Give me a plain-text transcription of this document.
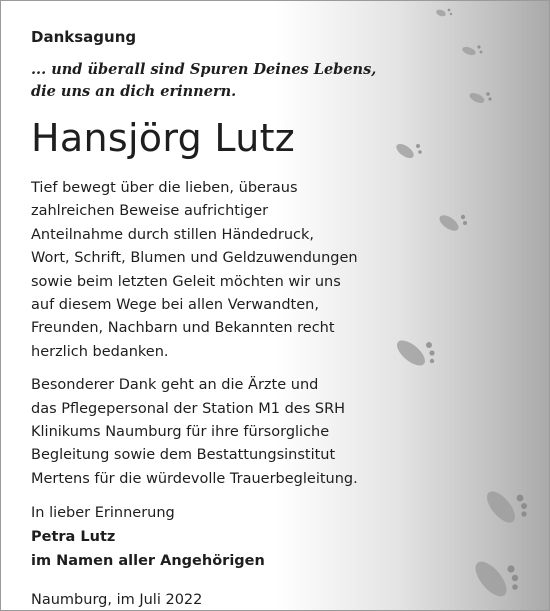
Danksagung
... und überall sind Spuren Deines Lebens,
die uns an dich erinnern.
Hansjörg Lutz
Tief bewegt über die lieben, überaus
zahlreichen Beweise aufrichtiger
Anteilnahme durch stillen Händedruck,
Wort, Schrift, Blumen und Geldzuwendungen
sowie beim letzten Geleit möchten wir uns
auf diesem Wege bei allen Verwandten,
Freunden, Nachbarn und Bekannten recht
herzlich bedanken.
Besonderer Dank geht an die Ärzte und
das Pflegepersonal der Station M1 des SRH
Klinikums Naumburg für ihre fürsorgliche
Begleitung sowie dem Bestattungsinstitut
Mertens für die würdevolle Trauerbegleitung.
In lieber Erinnerung
Petra Lutz
im Namen aller Angehörigen
Naumburg, im Juli 2022
